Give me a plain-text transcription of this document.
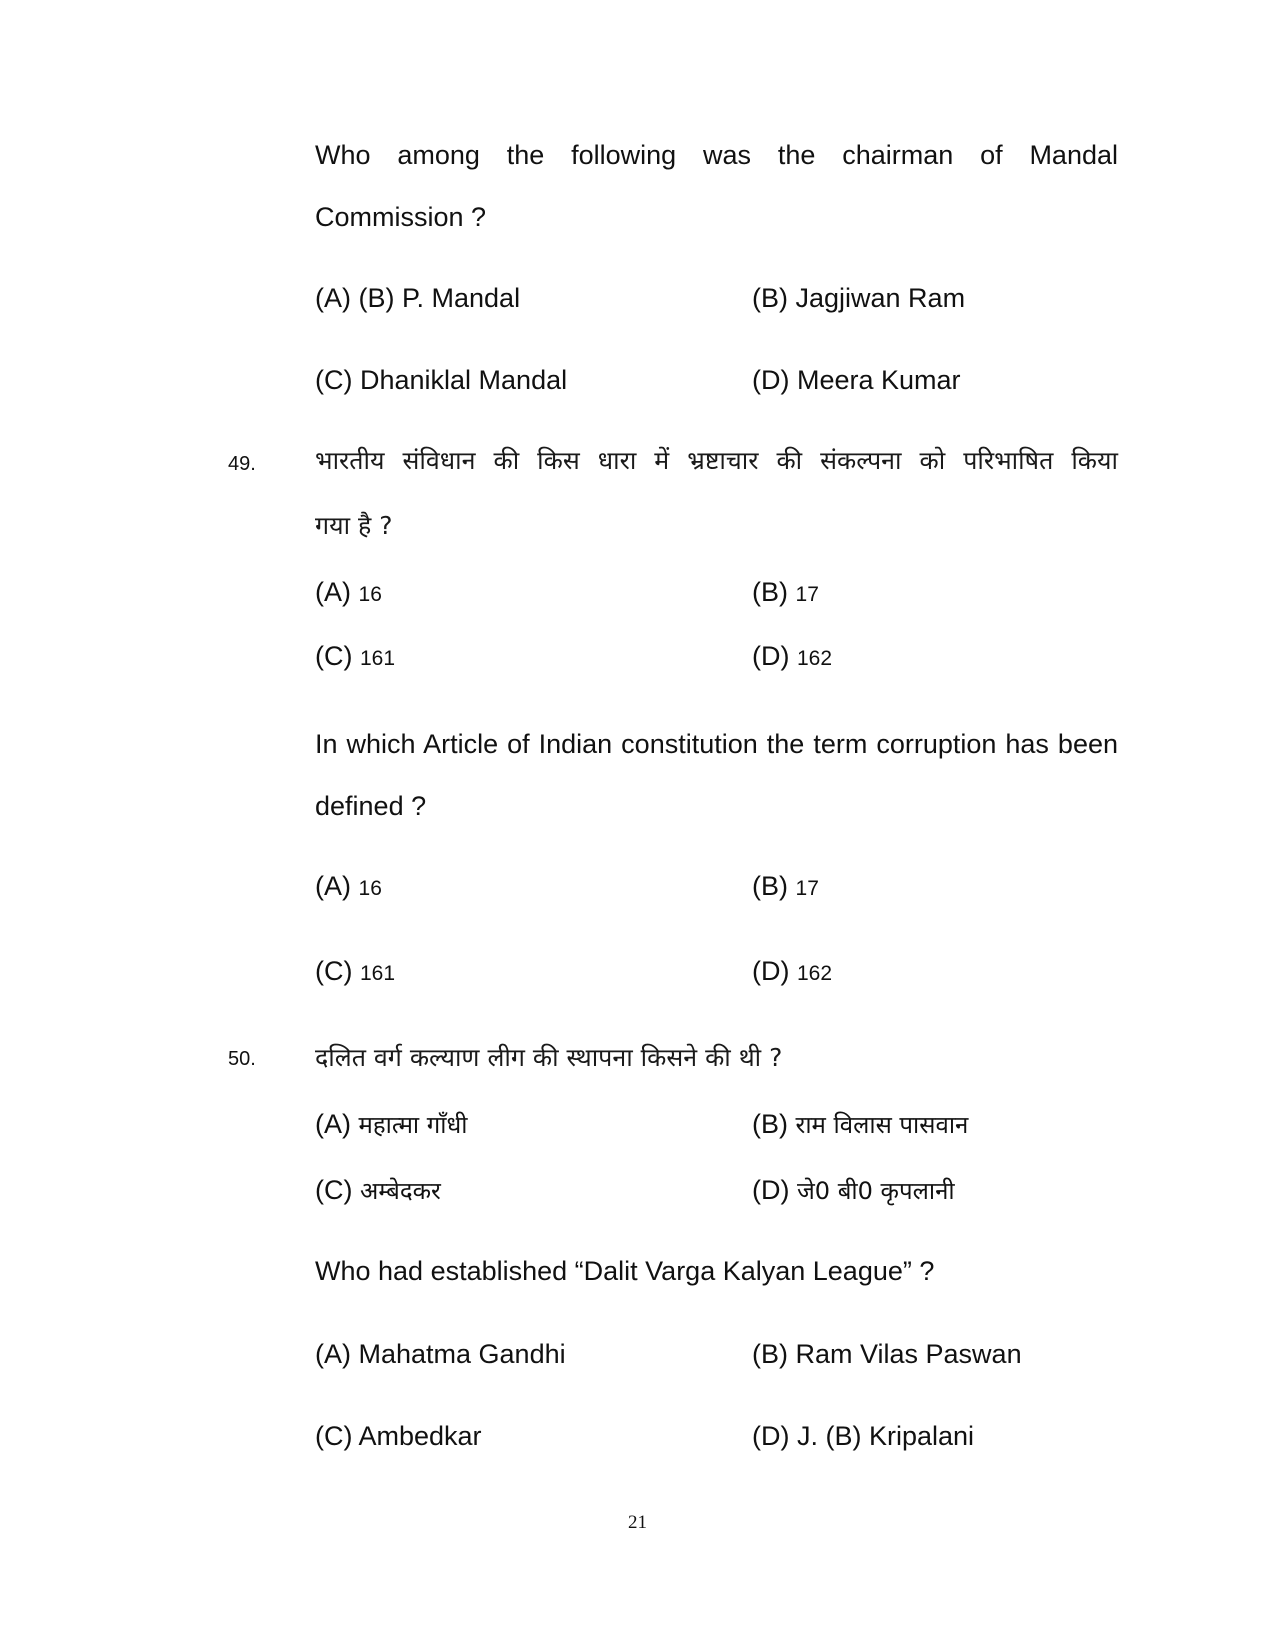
Who among the following was the chairman of Mandal
Commission ?
(A) (B) P. Mandal	(B) Jagjiwan Ram
(C) Dhaniklal Mandal	(D) Meera Kumar
49. भारतीय संविधान की किस धारा में भ्रष्टाचार की संकल्पना को परिभाषित किया
गया है ?
(A) 16	(B) 17
(C) 161	(D) 162
In which Article of Indian constitution the term corruption has been
defined ?
(A) 16	(B) 17
(C) 161	(D) 162
50. दलित वर्ग कल्याण लीग की स्थापना किसने की थी ?
(A) महात्मा गाँधी	(B) राम विलास पासवान
(C) अम्बेदकर	(D) जे0 बी0 कृपलानी
Who had established “Dalit Varga Kalyan League” ?
(A) Mahatma Gandhi	(B) Ram Vilas Paswan
(C) Ambedkar	(D) J. (B) Kripalani
21
